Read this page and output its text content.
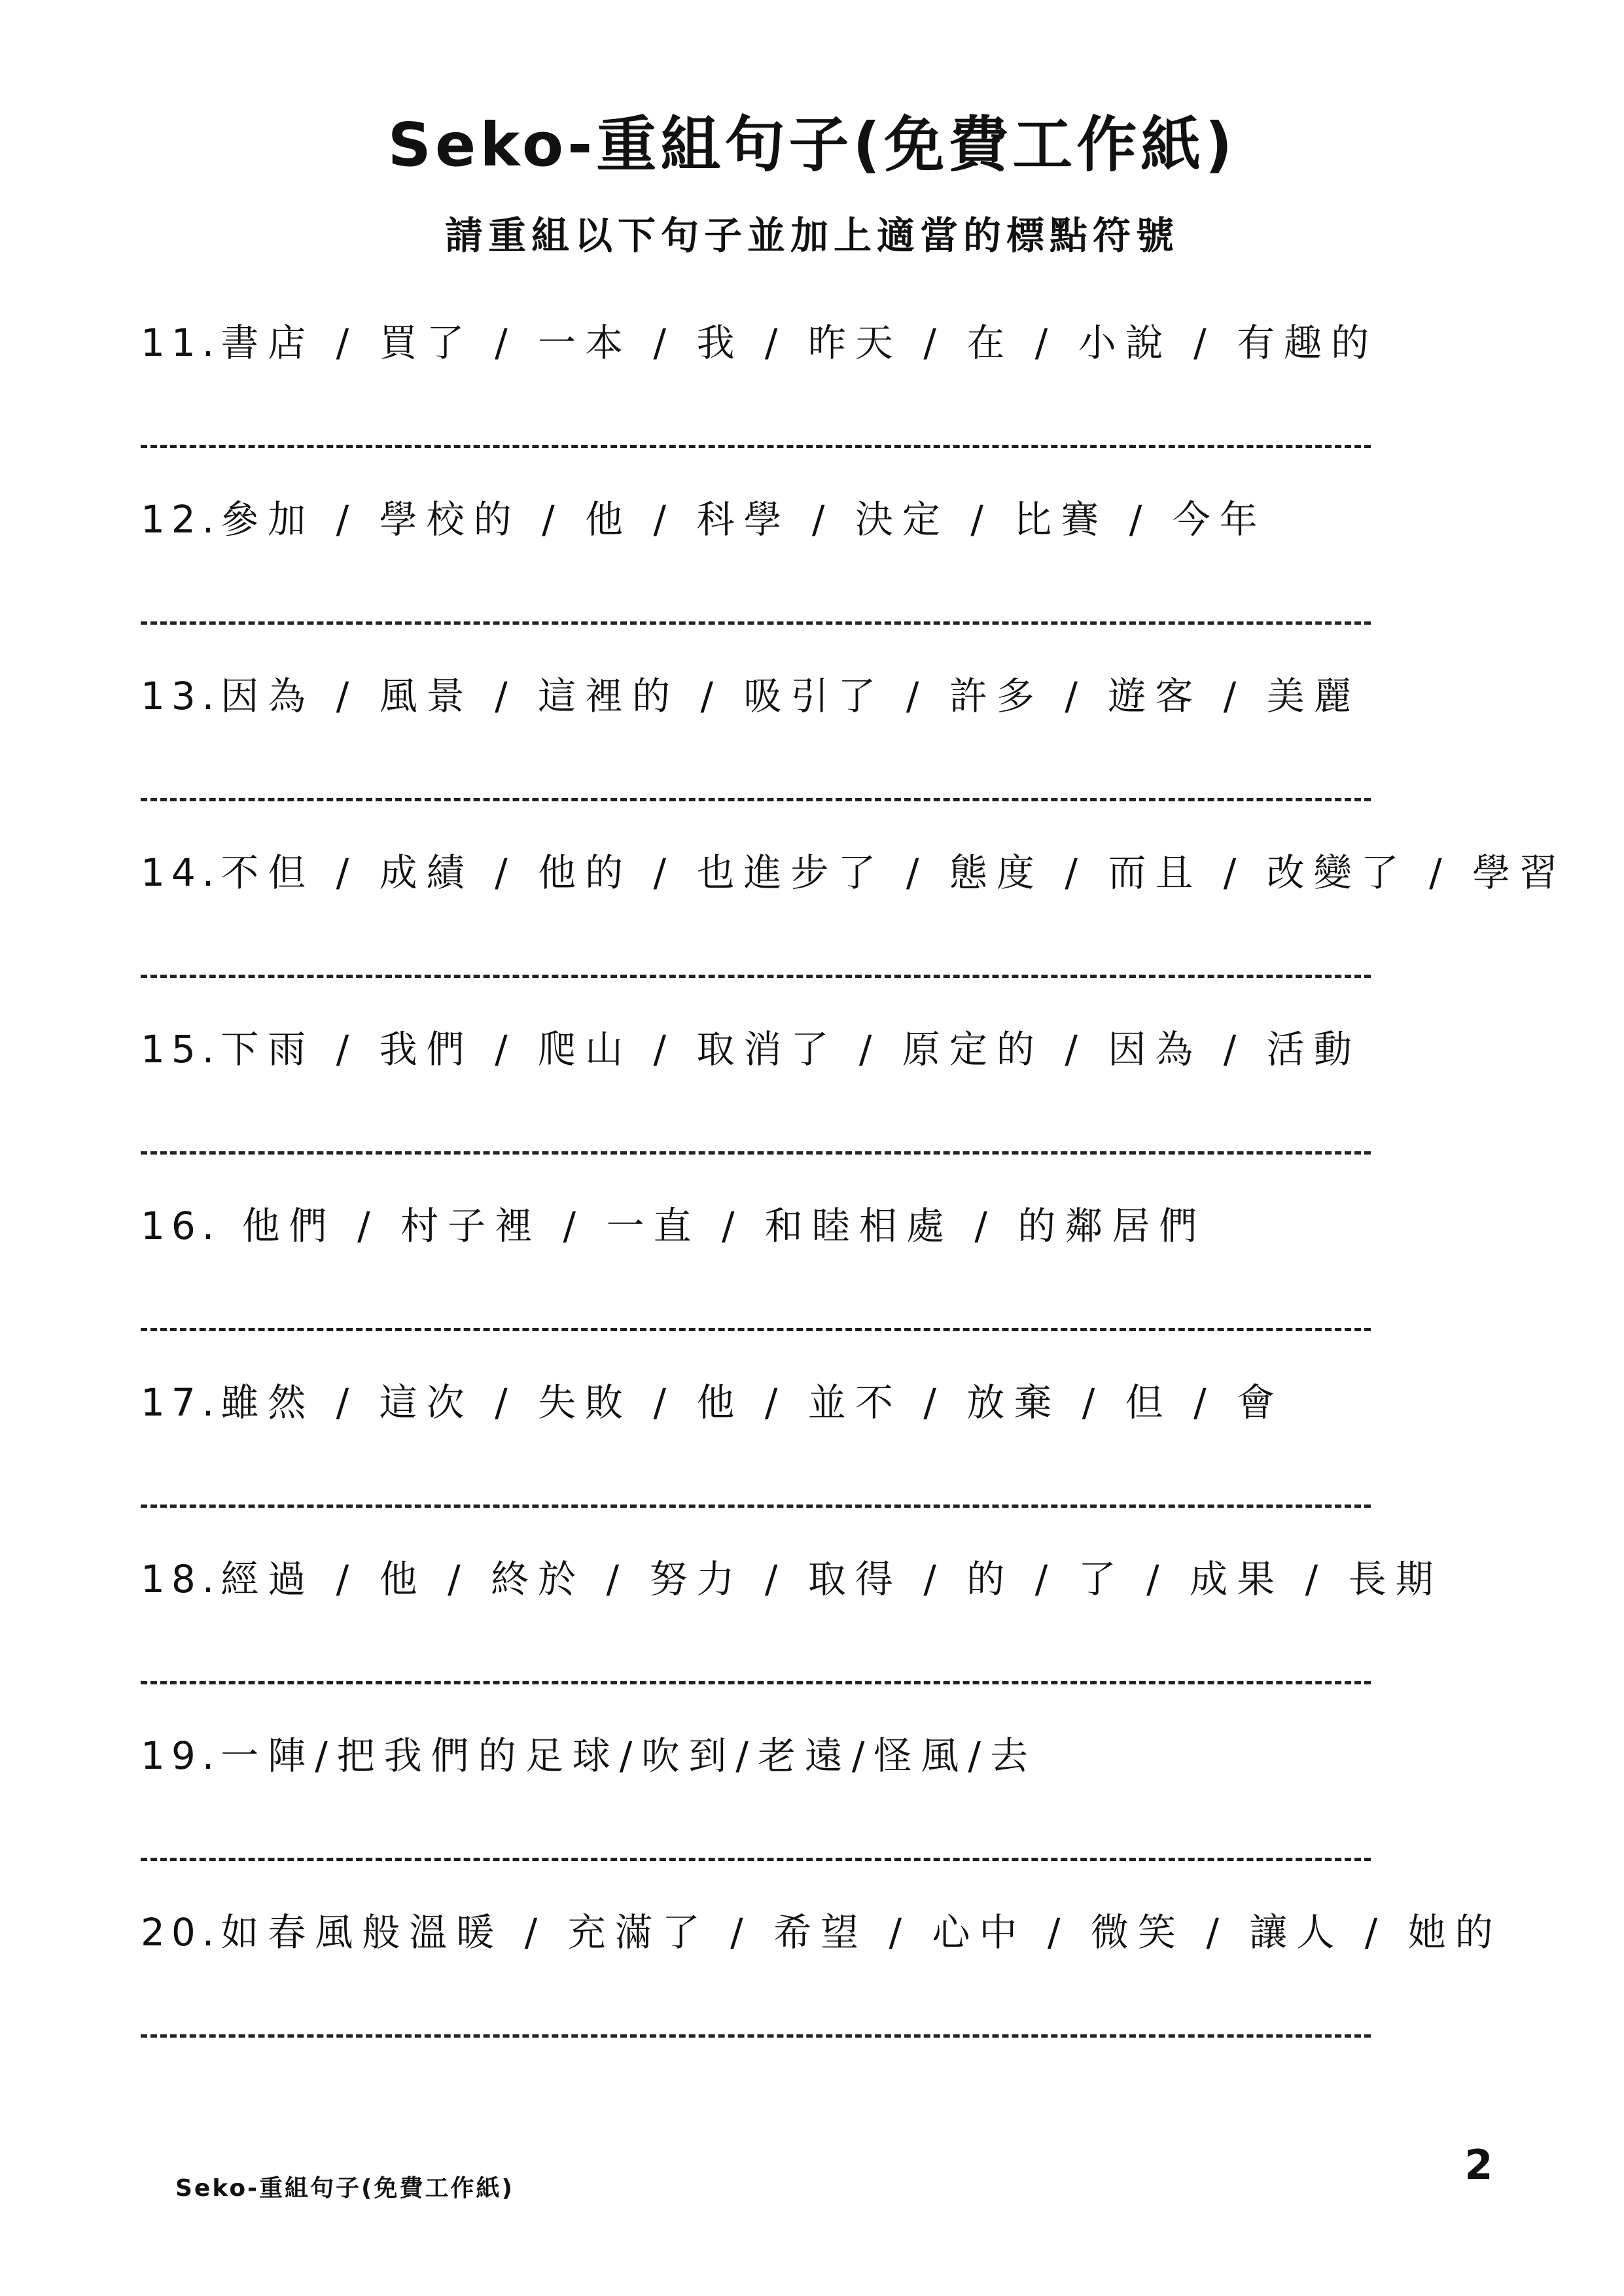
Seko-重組句子(免費工作紙)
請重組以下句子並加上適當的標點符號
11.書店 / 買了 / 一本 / 我 / 昨天 / 在 / 小說 / 有趣的
12.參加 / 學校的 / 他 / 科學 / 決定 / 比賽 / 今年
13.因為 / 風景 / 這裡的 / 吸引了 / 許多 / 遊客 / 美麗
14.不但 / 成績 / 他的 / 也進步了 / 態度 / 而且 / 改變了 / 學習
15.下雨 / 我們 / 爬山 / 取消了 / 原定的 / 因為 / 活動
16. 他們 / 村子裡 / 一直 / 和睦相處 / 的鄰居們
17.雖然 / 這次 / 失敗 / 他 / 並不 / 放棄 / 但 / 會
18.經過 / 他 / 終於 / 努力 / 取得 / 的 / 了 / 成果 / 長期
19.一陣/把我們的足球/吹到/老遠/怪風/去
20.如春風般溫暖 / 充滿了 / 希望 / 心中 / 微笑 / 讓人 / 她的
2
Seko-重組句子(免費工作紙)
